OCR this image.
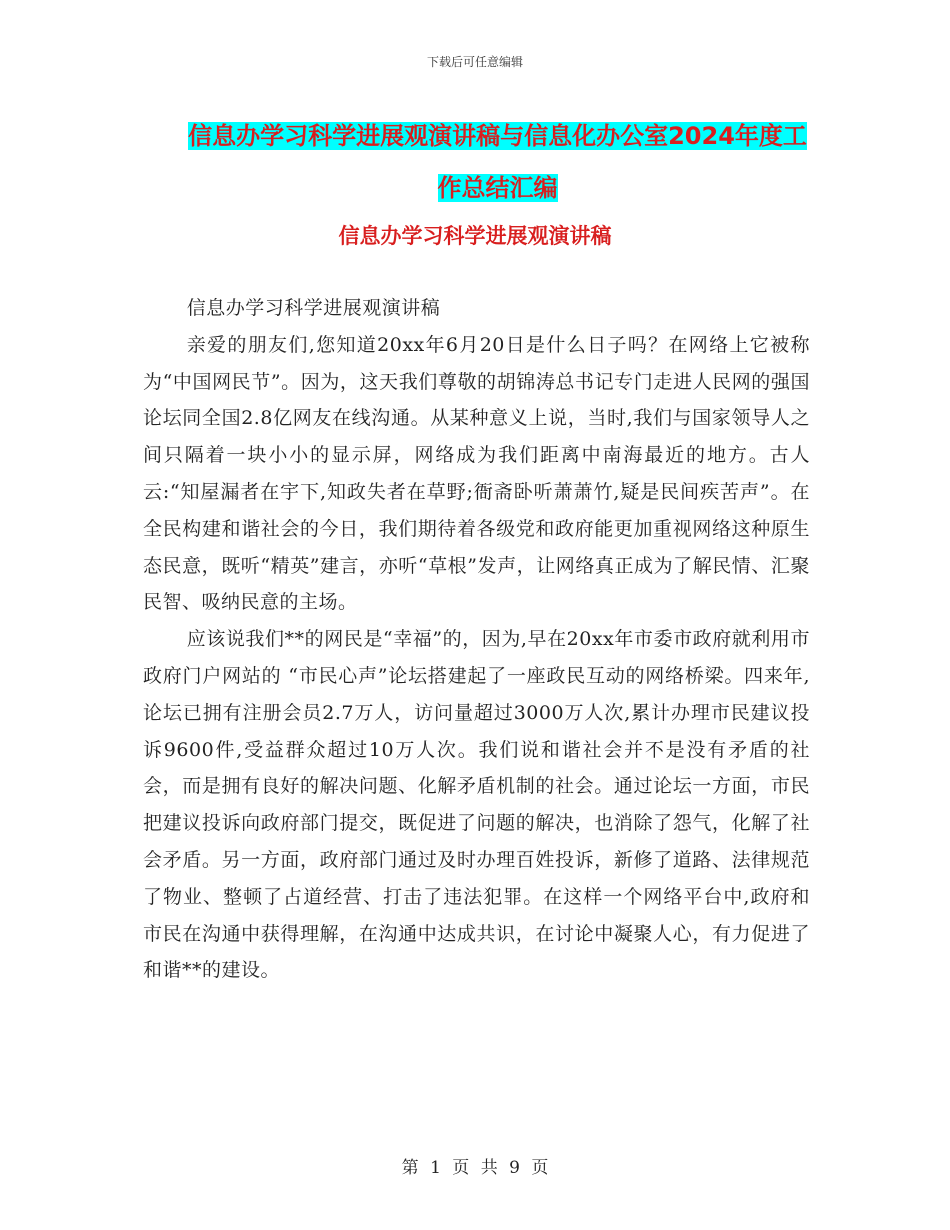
下载后可任意编辑
信息办学习科学进展观演讲稿与信息化办公室2024年度工作总结汇编
信息办学习科学进展观演讲稿

信息办学习科学进展观演讲稿

亲爱的朋友们,您知道20xx年6月20日是什么日子吗？在网络上它被称为“中国网民节”。因为，这天我们尊敬的胡锦涛总书记专门走进人民网的强国论坛同全国2.8亿网友在线沟通。从某种意义上说，当时,我们与国家领导人之间只隔着一块小小的显示屏，网络成为我们距离中南海最近的地方。古人云:“知屋漏者在宇下,知政失者在草野;衙斋卧听萧萧竹,疑是民间疾苦声”。在全民构建和谐社会的今日，我们期待着各级党和政府能更加重视网络这种原生态民意，既听“精英”建言，亦听“草根”发声，让网络真正成为了解民情、汇聚民智、吸纳民意的主场。

应该说我们**的网民是“幸福”的，因为,早在20xx年市委市政府就利用市政府门户网站的 “市民心声”论坛搭建起了一座政民互动的网络桥梁。四来年,论坛已拥有注册会员2.7万人，访问量超过3000万人次,累计办理市民建议投诉9600件,受益群众超过10万人次。我们说和谐社会并不是没有矛盾的社会，而是拥有良好的解决问题、化解矛盾机制的社会。通过论坛一方面，市民把建议投诉向政府部门提交，既促进了问题的解决，也消除了怨气，化解了社会矛盾。另一方面，政府部门通过及时办理百姓投诉，新修了道路、法律规范了物业、整顿了占道经营、打击了违法犯罪。在这样一个网络平台中,政府和市民在沟通中获得理解，在沟通中达成共识，在讨论中凝聚人心，有力促进了和谐**的建设。

第 1 页 共 9 页
